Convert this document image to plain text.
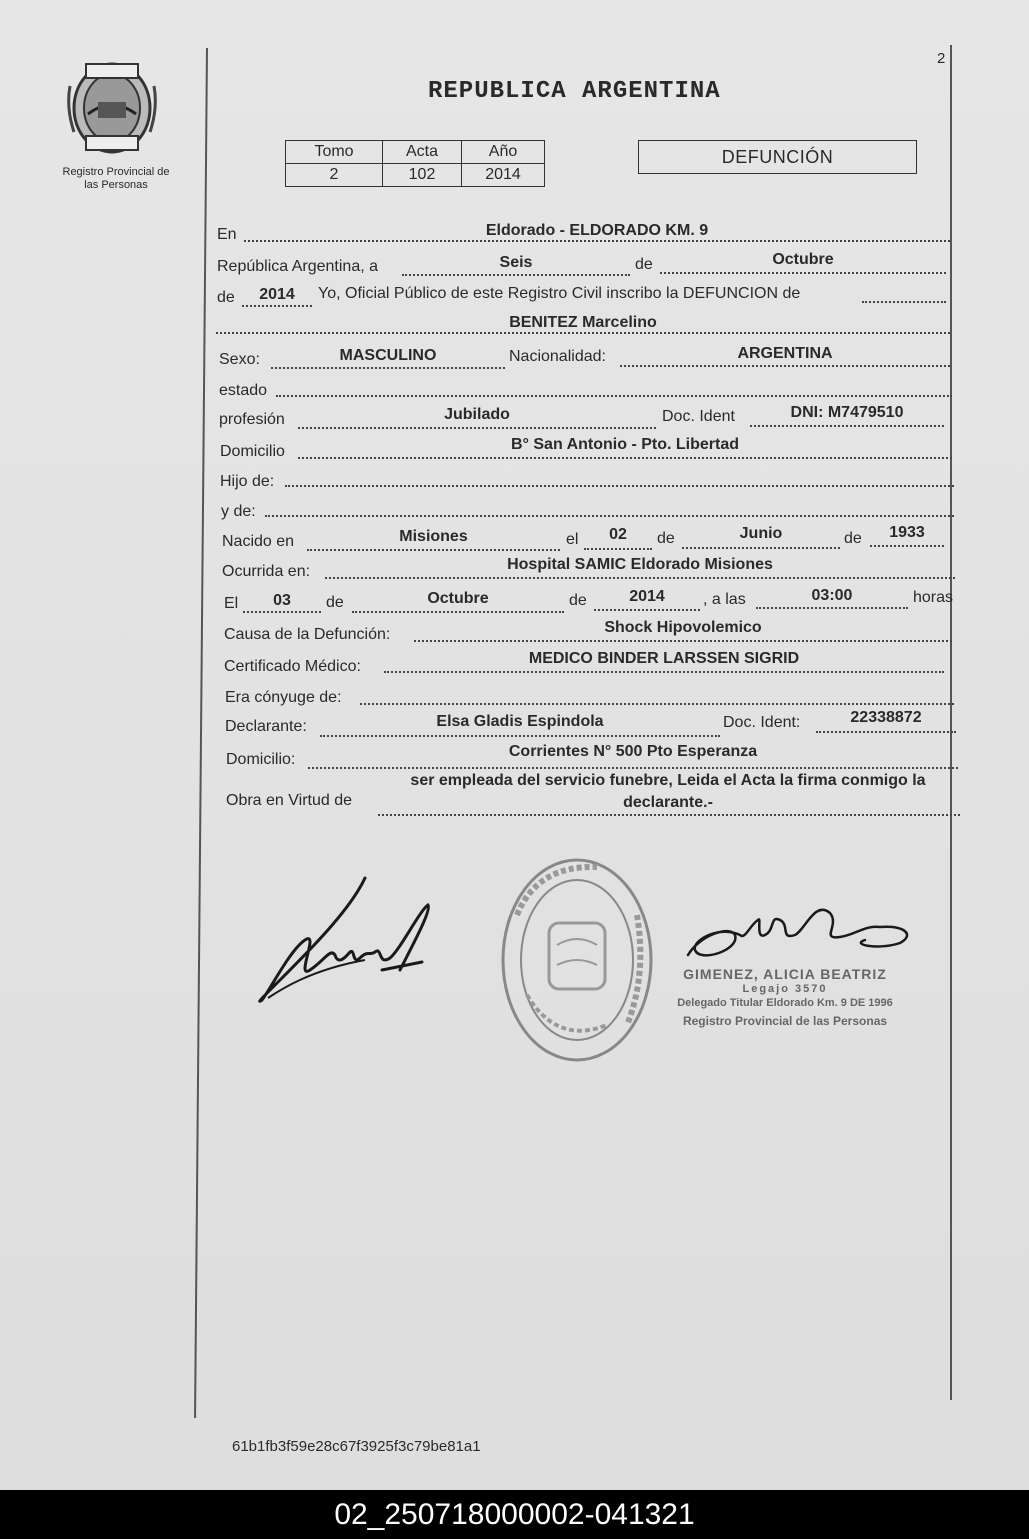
2
Registro Provincial de
las Personas
REPUBLICA ARGENTINA
Tomo	Acta	Año
2	102	2014
DEFUNCIÓN
En	Eldorado - ELDORADO KM. 9
República Argentina, a	Seis	de	Octubre
de	2014	Yo, Oficial Público de este Registro Civil inscribo la DEFUNCION de
BENITEZ Marcelino
Sexo:	MASCULINO	Nacionalidad:	ARGENTINA
estado
profesión	Jubilado	Doc. Ident	DNI: M7479510
Domicilio	B° San Antonio - Pto. Libertad
Hijo de:
y de:
Nacido en	Misiones	el	02	de	Junio	de	1933
Ocurrida en:	Hospital SAMIC Eldorado Misiones
El	03	de	Octubre	de	2014	, a las	03:00	horas
Causa de la Defunción:	Shock Hipovolemico
Certificado Médico:	MEDICO BINDER LARSSEN SIGRID
Era cónyuge de:
Declarante:	Elsa Gladis Espindola	Doc. Ident:	22338872
Domicilio:	Corrientes N° 500 Pto Esperanza
Obra en Virtud de
ser empleada del servicio funebre, Leida el Acta la firma conmigo la
declarante.-
GIMENEZ, ALICIA BEATRIZ
Legajo 3570
Delegado Titular Eldorado Km. 9 DE 1996
Registro Provincial de las Personas
61b1fb3f59e28c67f3925f3c79be81a1
02_250718000002-041321
